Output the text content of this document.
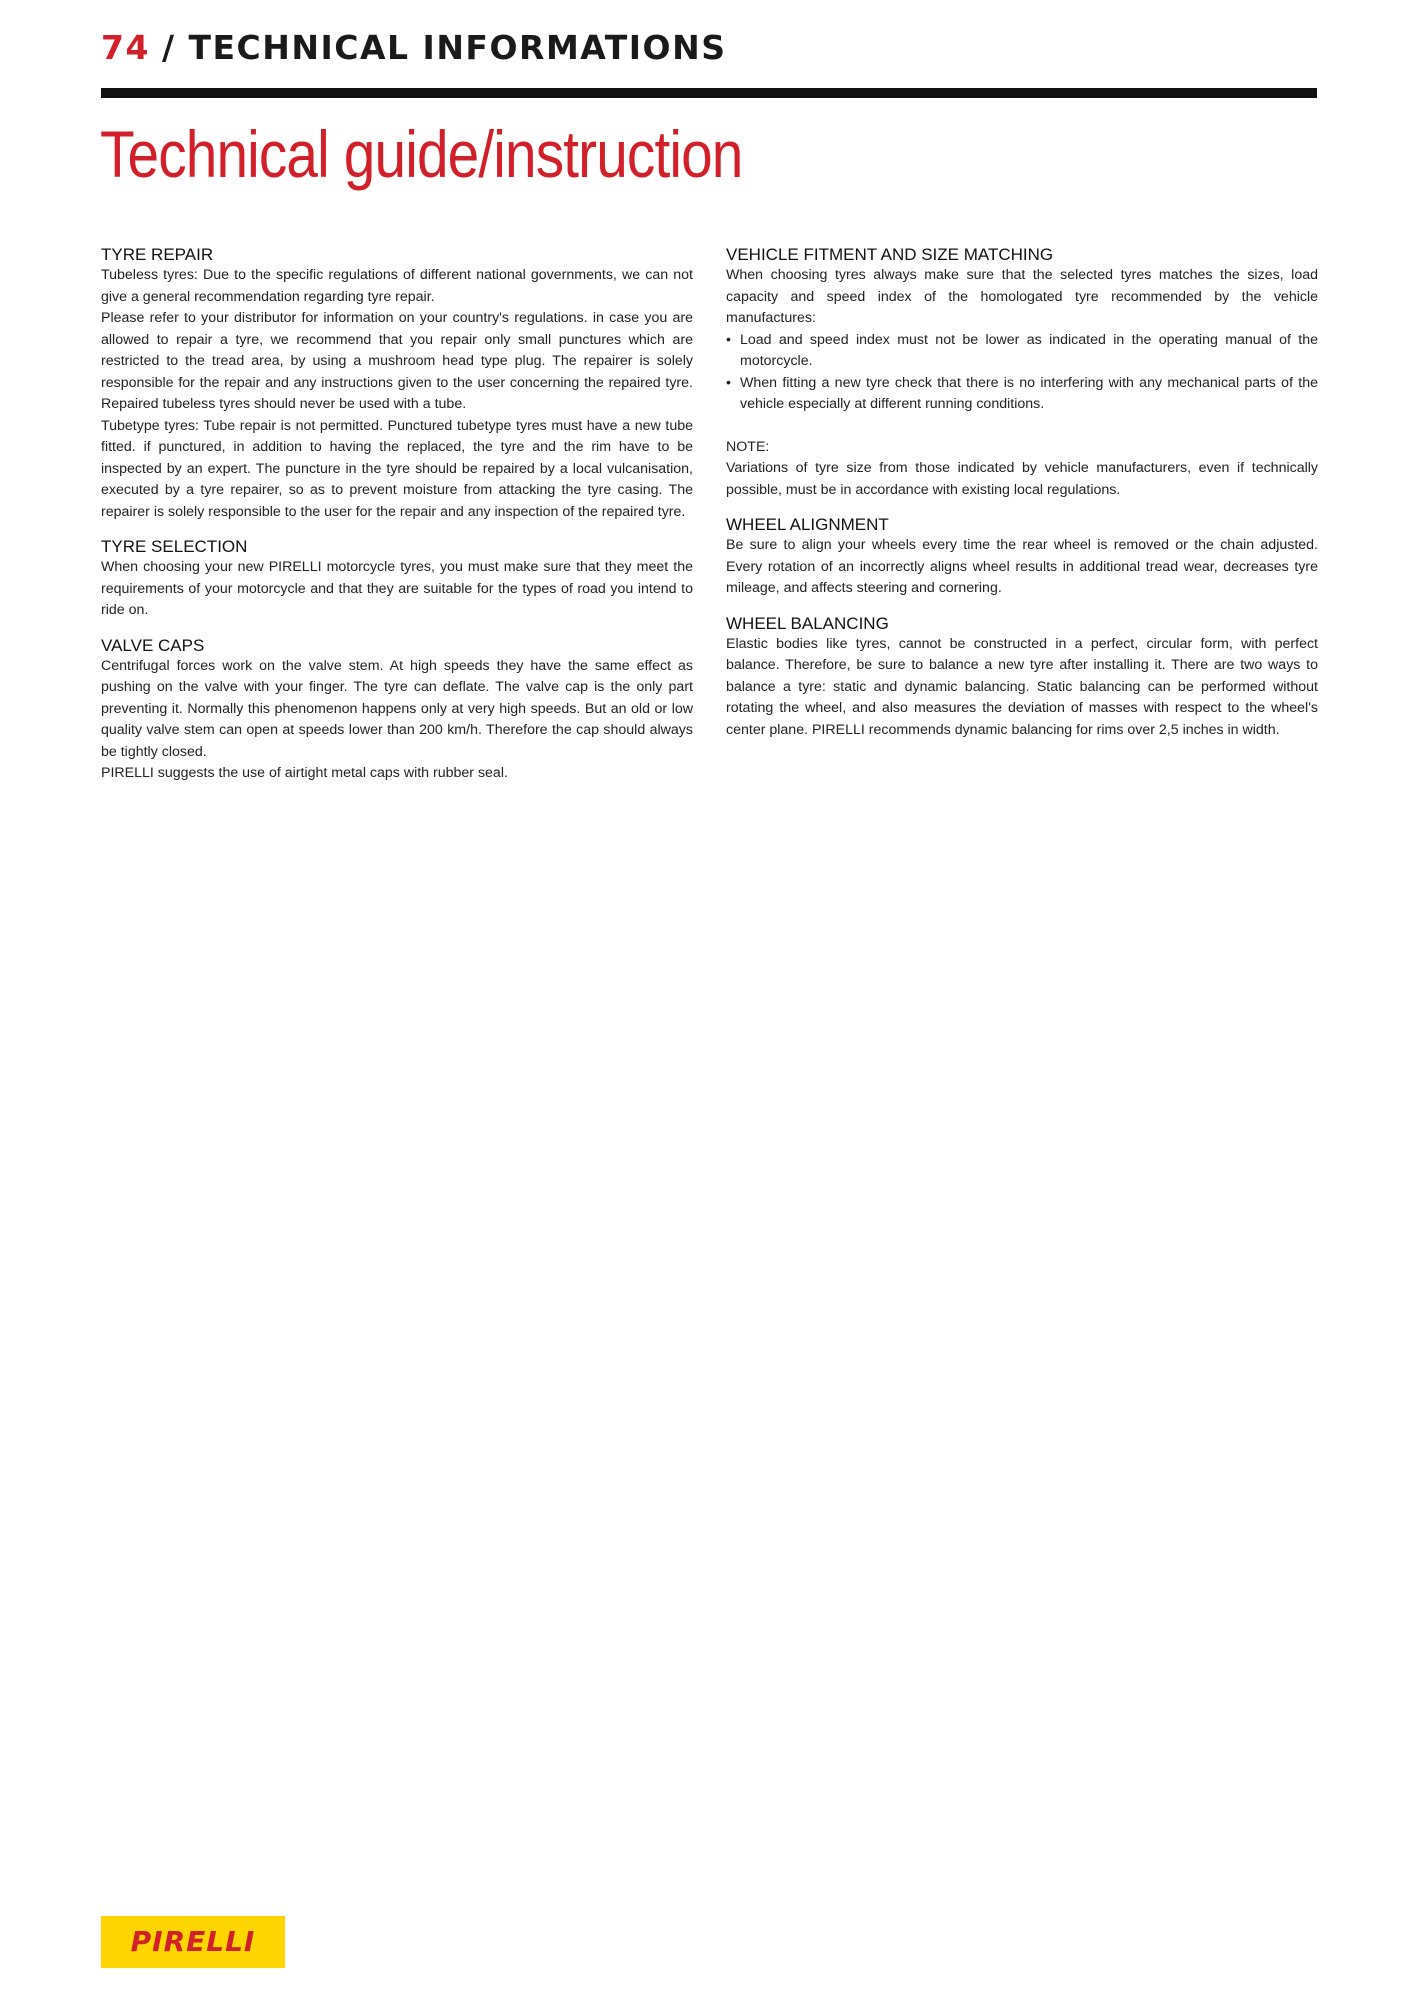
74 / TECHNICAL INFORMATIONS
Technical guide/instruction
TYRE REPAIR

Tubeless tyres: Due to the specific regulations of different national governments, we can not give a general recommendation regarding tyre repair.

Please refer to your distributor for information on your country's regulations. in case you are allowed to repair a tyre, we recommend that you repair only small punctures which are restricted to the tread area, by using a mushroom head type plug. The repairer is solely responsible for the repair and any instructions given to the user concerning the repaired tyre. Repaired tubeless tyres should never be used with a tube.

Tubetype tyres: Tube repair is not permitted. Punctured tubetype tyres must have a new tube fitted. if punctured, in addition to having the replaced, the tyre and the rim have to be inspected by an expert. The puncture in the tyre should be repaired by a local vulcanisation, executed by a tyre repairer, so as to prevent moisture from attacking the tyre casing. The repairer is solely responsible to the user for the repair and any inspection of the repaired tyre.

TYRE SELECTION

When choosing your new PIRELLI motorcycle tyres, you must make sure that they meet the requirements of your motorcycle and that they are suitable for the types of road you intend to ride on.

VALVE CAPS

Centrifugal forces work on the valve stem. At high speeds they have the same effect as pushing on the valve with your finger. The tyre can deflate. The valve cap is the only part preventing it. Normally this phenomenon happens only at very high speeds. But an old or low quality valve stem can open at speeds lower than 200 km/h. Therefore the cap should always be tightly closed.

PIRELLI suggests the use of airtight metal caps with rubber seal.

VEHICLE FITMENT AND SIZE MATCHING

When choosing tyres always make sure that the selected tyres matches the sizes, load capacity and speed index of the homologated tyre recommended by the vehicle manufactures:

• Load and speed index must not be lower as indicated in the operating manual of the motorcycle.
• When fitting a new tyre check that there is no interfering with any mechanical parts of the vehicle especially at different running conditions.

NOTE:

Variations of tyre size from those indicated by vehicle manufacturers, even if technically possible, must be in accordance with existing local regulations.

WHEEL ALIGNMENT

Be sure to align your wheels every time the rear wheel is removed or the chain adjusted. Every rotation of an incorrectly aligns wheel results in additional tread wear, decreases tyre mileage, and affects steering and cornering.

WHEEL BALANCING

Elastic bodies like tyres, cannot be constructed in a perfect, circular form, with perfect balance. Therefore, be sure to balance a new tyre after installing it. There are two ways to balance a tyre: static and dynamic balancing. Static balancing can be performed without rotating the wheel, and also measures the deviation of masses with respect to the wheel's center plane. PIRELLI recommends dynamic balancing for rims over 2,5 inches in width.

PIRELLI
